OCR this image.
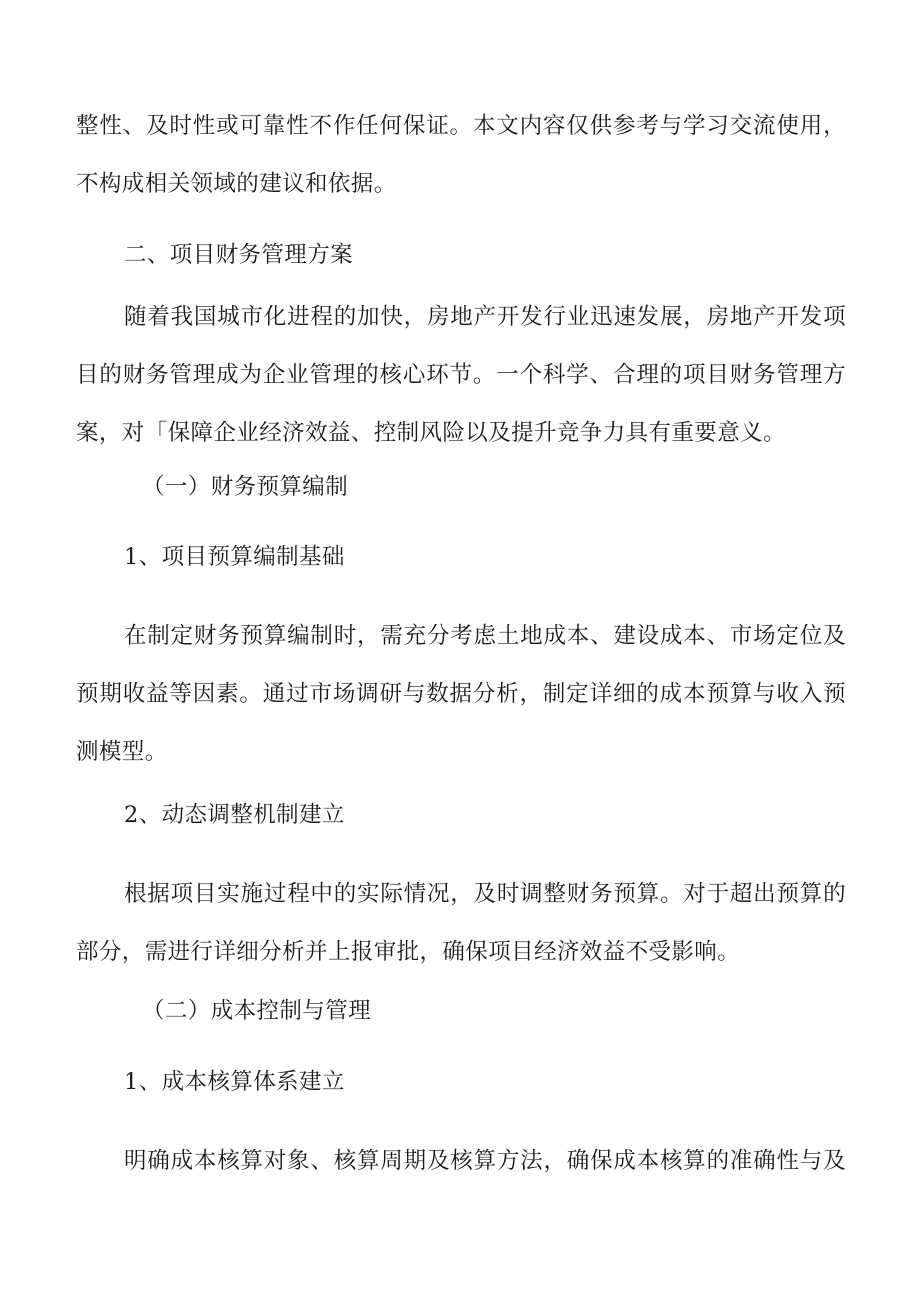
整性、及时性或可靠性不作任何保证。本文内容仅供参考与学习交流使用，
不构成相关领域的建议和依据。
二、项目财务管理方案
随着我国城市化进程的加快，房地产开发行业迅速发展，房地产开发项
目的财务管理成为企业管理的核心环节。一个科学、合理的项目财务管理方
案，对「保障企业经济效益、控制风险以及提升竞争力具有重要意义。
（一）财务预算编制
1、项目预算编制基础
在制定财务预算编制时，需充分考虑土地成本、建设成本、市场定位及
预期收益等因素。通过市场调研与数据分析，制定详细的成本预算与收入预
测模型。
2、动态调整机制建立
根据项目实施过程中的实际情况，及时调整财务预算。对于超出预算的
部分，需进行详细分析并上报审批，确保项目经济效益不受影响。
（二）成本控制与管理
1、成本核算体系建立
明确成本核算对象、核算周期及核算方法，确保成本核算的准确性与及
